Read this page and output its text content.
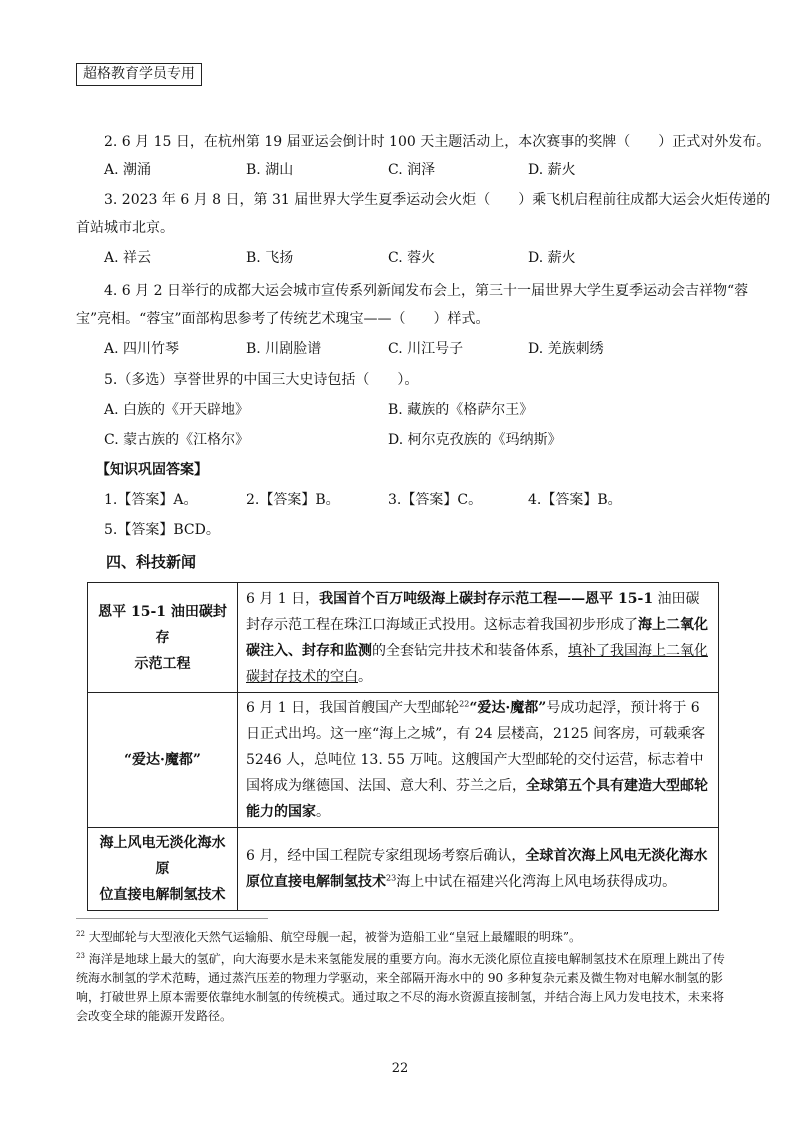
超格教育学员专用
2. 6 月 15 日，在杭州第 19 届亚运会倒计时 100 天主题活动上，本次赛事的奖牌（　　）正式对外发布。
A. 潮涌	B. 湖山	C. 润泽	D. 薪火
3. 2023 年 6 月 8 日，第 31 届世界大学生夏季运动会火炬（　　）乘飞机启程前往成都大运会火炬传递的
首站城市北京。
A. 祥云	B. 飞扬	C. 蓉火	D. 薪火
4. 6 月 2 日举行的成都大运会城市宣传系列新闻发布会上，第三十一届世界大学生夏季运动会吉祥物“蓉
宝”亮相。“蓉宝”面部构思参考了传统艺术瑰宝——（　　）样式。
A. 四川竹琴	B. 川剧脸谱	C. 川江号子	D. 羌族刺绣
5.（多选）享誉世界的中国三大史诗包括（　　）。
A. 白族的《开天辟地》	B. 藏族的《格萨尔王》
C. 蒙古族的《江格尔》	D. 柯尔克孜族的《玛纳斯》
【知识巩固答案】
1.【答案】A。	2.【答案】B。	3.【答案】C。	4.【答案】B。
5.【答案】BCD。
四、科技新闻
恩平 15-1 油田碳封存
示范工程	6 月 1 日，我国首个百万吨级海上碳封存示范工程——恩平 15-1 油田碳封存示范工程在珠江口海域正式投用。这标志着我国初步形成了海上二氧化碳注入、封存和监测的全套钻完井技术和装备体系，填补了我国海上二氧化碳封存技术的空白。

“爱达·魔都”	6 月 1 日，我国首艘国产大型邮轮$^{22}$“爱达·魔都”号成功起浮，预计将于 6 日正式出坞。这一座“海上之城”，有 24 层楼高，2125 间客房，可载乘客 5246 人，总吨位 13. 55 万吨。这艘国产大型邮轮的交付运营，标志着中国将成为继德国、法国、意大利、芬兰之后，全球第五个具有建造大型邮轮能力的国家。

海上风电无淡化海水原
位直接电解制氢技术	6 月，经中国工程院专家组现场考察后确认，全球首次海上风电无淡化海水原位直接电解制氢技术$^{23}$海上中试在福建兴化湾海上风电场获得成功。
$^{22}$ 大型邮轮与大型液化天然气运输船、航空母舰一起，被誉为造船工业“皇冠上最耀眼的明珠”。
$^{23}$ 海洋是地球上最大的氢矿，向大海要水是未来氢能发展的重要方向。海水无淡化原位直接电解制氢技术在原理上跳出了传统海水制氢的学术范畴，通过蒸汽压差的物理力学驱动，来全部隔开海水中的 90 多种复杂元素及微生物对电解水制氢的影响，打破世界上原本需要依靠纯水制氢的传统模式。通过取之不尽的海水资源直接制氢，并结合海上风力发电技术，未来将会改变全球的能源开发路径。
22
